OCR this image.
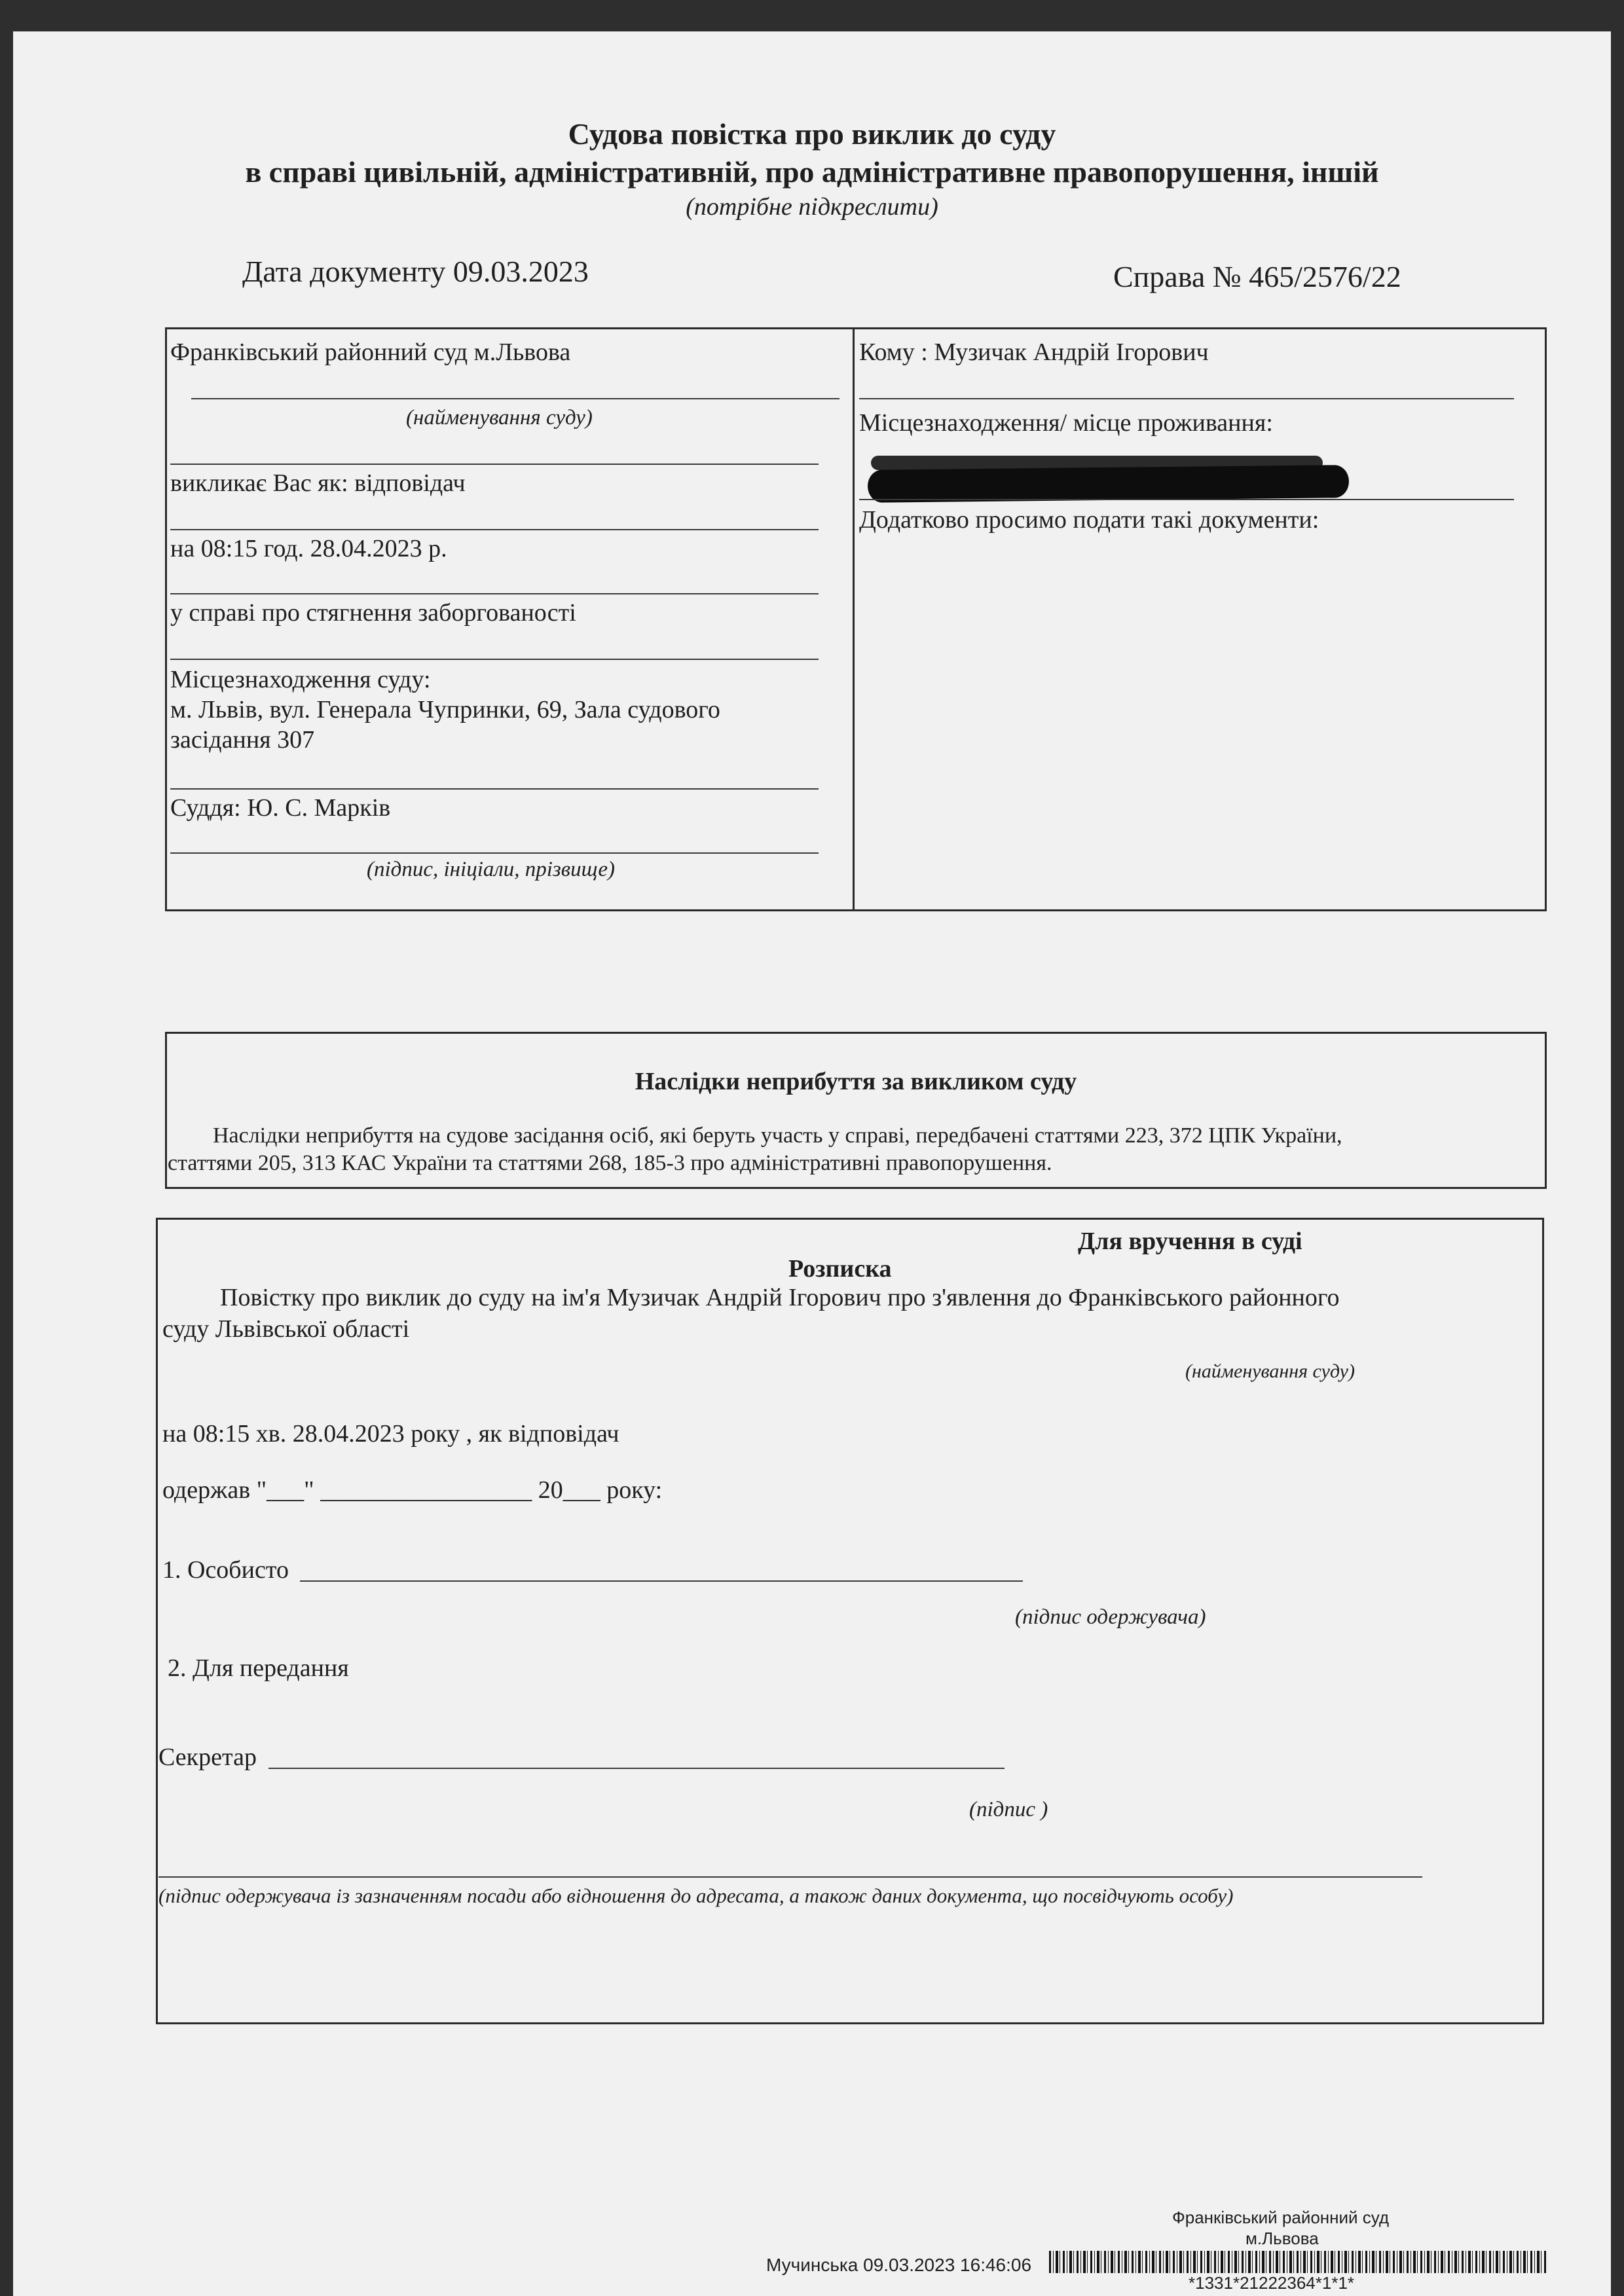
Судова повістка про виклик до суду
в справі цивільній, адміністративній, про адміністративне правопорушення, іншій
(потрібне підкреслити)
Дата документу 09.03.2023	Справа № 465/2576/22
Франківський районний суд м.Львова
(найменування суду)
викликає Вас як: відповідач
на 08:15 год. 28.04.2023 р.
у справі про стягнення заборгованості
Місцезнаходження суду:
м. Львів, вул. Генерала Чупринки, 69, Зала судового
засідання 307
Суддя: Ю. С. Марків
(підпис, ініціали, прізвище)
Кому : Музичак Андрій Ігорович
Місцезнаходження/ місце проживання:
Додатково просимо подати такі документи:
Наслідки неприбуття за викликом суду
Наслідки неприбуття на судове засідання осіб, які беруть участь у справі, передбачені статтями 223, 372 ЦПК України,
статтями 205, 313 КАС України та статтями 268, 185-3 про адміністративні правопорушення.
Для вручення в суді
Розписка
Повістку про виклик до суду на ім'я Музичак Андрій Ігорович про з'явлення до Франківського районного
суду Львівської області
(найменування суду)
на 08:15 хв. 28.04.2023 року , як відповідач
одержав "___" _________________ 20___ року:
1. Особисто
(підпис одержувача)
2. Для передання
Секретар
(підпис )
(підпис одержувача із зазначенням посади або відношення до адресата, а також даних документа, що посвідчують особу)
Франківський районний суд
м.Львова
Мучинська 09.03.2023 16:46:06
*1331*21222364*1*1*
